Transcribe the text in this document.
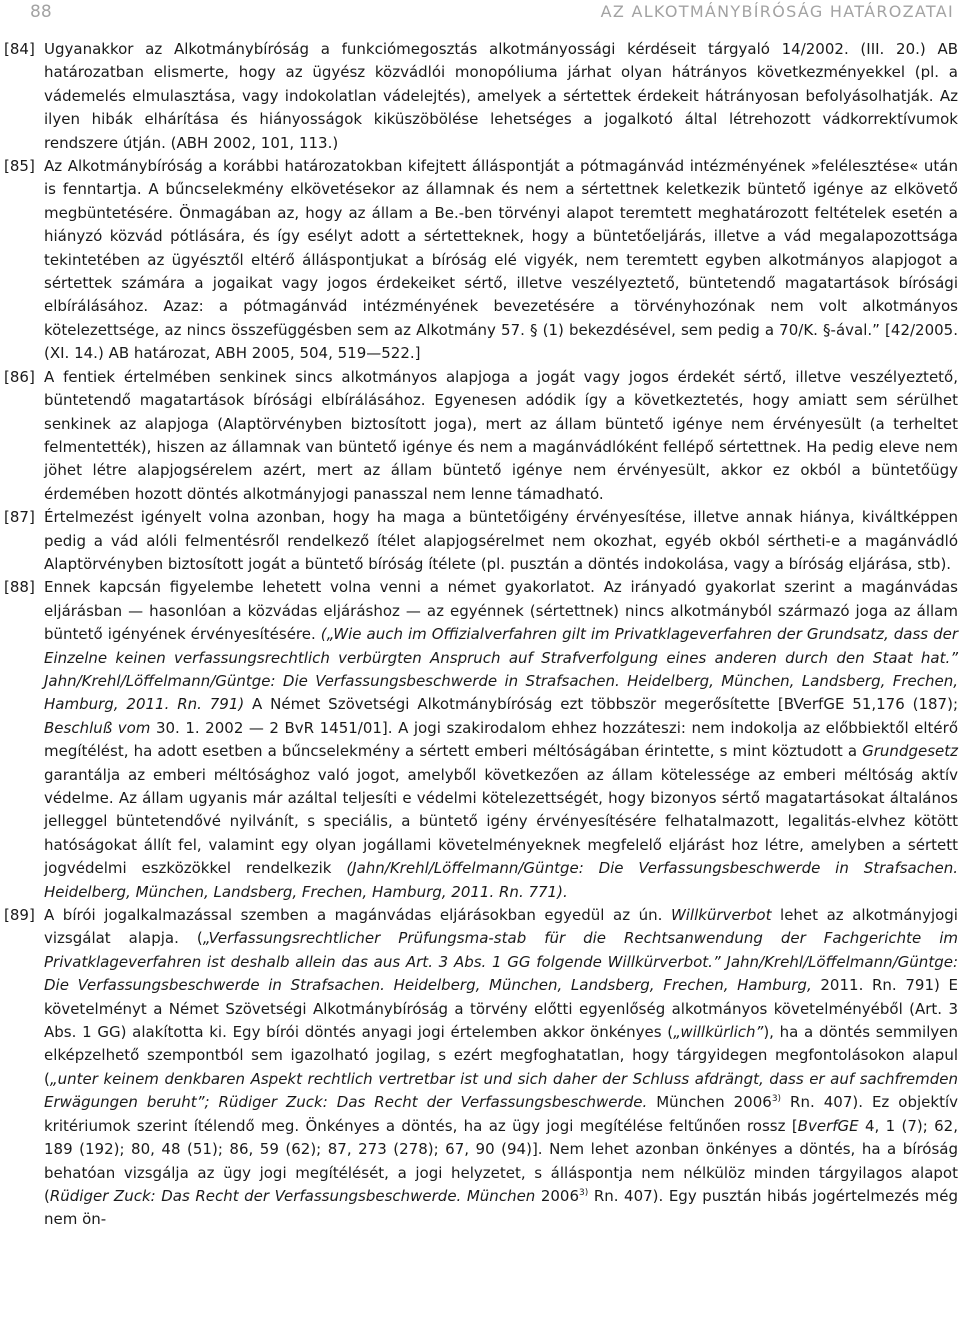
88	AZ ALKOTMÁNYBÍRÓSÁG HATÁROZATAI

[84] Ugyanakkor az Alkotmánybíróság a funkciómegosztás alkotmányossági kérdéseit tárgyaló 14/2002. (III. 20.) AB határozatban elismerte, hogy az ügyész közvádlói monopóliuma járhat olyan hátrányos következményekkel (pl. a vádemelés elmulasztása, vagy indokolatlan vádelejtés), amelyek a sértettek érdekeit hátrányosan befolyásolhatják. Az ilyen hibák elhárítása és hiányosságok kiküszöbölése lehetséges a jogalkotó által létrehozott vádkorrektívumok rendszere útján. (ABH 2002, 101, 113.)

[85] Az Alkotmánybíróság a korábbi határozatokban kifejtett álláspontját a pótmagánvád intézményének »felélesztése« után is fenntartja. A bűncselekmény elkövetésekor az államnak és nem a sértettnek keletkezik büntető igénye az elkövető megbüntetésére. Önmagában az, hogy az állam a Be.-ben törvényi alapot teremtett meghatározott feltételek esetén a hiányzó közvád pótlására, és így esélyt adott a sértetteknek, hogy a büntetőeljárás, illetve a vád megalapozottsága tekintetében az ügyésztől eltérő álláspontjukat a bíróság elé vigyék, nem teremtett egyben alkotmányos alapjogot a sértettek számára a jogaikat vagy jogos érdekeiket sértő, illetve veszélyeztető, büntetendő magatartások bírósági elbírálásához. Azaz: a pótmagánvád intézményének bevezetésére a törvényhozónak nem volt alkotmányos kötelezettsége, az nincs összefüggésben sem az Alkotmány 57. § (1) bekezdésével, sem pedig a 70/K. §-ával.” [42/2005. (XI. 14.) AB határozat, ABH 2005, 504, 519—522.]

[86] A fentiek értelmében senkinek sincs alkotmányos alapjoga a jogát vagy jogos érdekét sértő, illetve veszélyeztető, büntetendő magatartások bírósági elbírálásához. Egyenesen adódik így a következtetés, hogy amiatt sem sérülhet senkinek az alapjoga (Alaptörvényben biztosított joga), mert az állam büntető igénye nem érvényesült (a terheltet felmentették), hiszen az államnak van büntető igénye és nem a magánvádlóként fellépő sértettnek. Ha pedig eleve nem jöhet létre alapjogsérelem azért, mert az állam büntető igénye nem érvényesült, akkor ez okból a büntetőügy érdemében hozott döntés alkotmányjogi panasszal nem lenne támadható.

[87] Értelmezést igényelt volna azonban, hogy ha maga a büntetőigény érvényesítése, illetve annak hiánya, kiváltképpen pedig a vád alóli felmentésről rendelkező ítélet alapjogsérelmet nem okozhat, egyéb okból sértheti-e a magánvádló Alaptörvényben biztosított jogát a büntető bíróság ítélete (pl. pusztán a döntés indokolása, vagy a bíróság eljárása, stb).

[88] Ennek kapcsán figyelembe lehetett volna venni a német gyakorlatot. Az irányadó gyakorlat szerint a magánvádas eljárásban — hasonlóan a közvádas eljáráshoz — az egyénnek (sértettnek) nincs alkotmányból származó joga az állam büntető igényének érvényesítésére. („Wie auch im Offizialverfahren gilt im Privatklageverfahren der Grundsatz, dass der Einzelne keinen verfassungsrechtlich verbürgten Anspruch auf Strafverfolgung eines anderen durch den Staat hat.” Jahn/Krehl/Löffelmann/Güntge: Die Verfassungsbeschwerde in Strafsachen. Heidelberg, München, Landsberg, Frechen, Hamburg, 2011. Rn. 791) A Német Szövetségi Alkotmánybíróság ezt többször megerősítette [BVerfGE 51,176 (187); Beschluß vom 30. 1. 2002 — 2 BvR 1451/01]. A jogi szakirodalom ehhez hozzáteszi: nem indokolja az előbbiektől eltérő megítélést, ha adott esetben a bűncselekmény a sértett emberi méltóságában érintette, s mint köztudott a Grundgesetz garantálja az emberi méltósághoz való jogot, amelyből következően az állam kötelessége az emberi méltóság aktív védelme. Az állam ugyanis már azáltal teljesíti e védelmi kötelezettségét, hogy bizonyos sértő magatartásokat általános jelleggel büntetendővé nyilvánít, s speciális, a büntető igény érvényesítésére felhatalmazott, legalitás-elvhez kötött hatóságokat állít fel, valamint egy olyan jogállami követelményeknek megfelelő eljárást hoz létre, amelyben a sértett jogvédelmi eszközökkel rendelkezik (Jahn/Krehl/Löffelmann/Güntge: Die Verfassungsbeschwerde in Strafsachen. Heidelberg, München, Landsberg, Frechen, Hamburg, 2011. Rn. 771).

[89] A bírói jogalkalmazással szemben a magánvádas eljárásokban egyedül az ún. Willkürverbot lehet az alkotmányjogi vizsgálat alapja. („Verfassungsrechtlicher Prüfungsma-stab für die Rechtsanwendung der Fachgerichte im Privatklageverfahren ist deshalb allein das aus Art. 3 Abs. 1 GG folgende Willkürverbot.” Jahn/Krehl/Löffelmann/Güntge: Die Verfassungsbeschwerde in Strafsachen. Heidelberg, München, Landsberg, Frechen, Hamburg, 2011. Rn. 791) E követelményt a Német Szövetségi Alkotmánybíróság a törvény előtti egyenlőség alkotmányos követelményéből (Art. 3 Abs. 1 GG) alakította ki. Egy bírói döntés anyagi jogi értelemben akkor önkényes („willkürlich”), ha a döntés semmilyen elképzelhető szempontból sem igazolható jogilag, s ezért megfoghatatlan, hogy tárgyidegen megfontolásokon alapul („unter keinem denkbaren Aspekt rechtlich vertretbar ist und sich daher der Schluss afdrängt, dass er auf sachfremden Erwägungen beruht”; Rüdiger Zuck: Das Recht der Verfassungsbeschwerde. München 2006$^{3)}$ Rn. 407). Ez objektív kritériumok szerint ítélendő meg. Önkényes a döntés, ha az ügy jogi megítélése feltűnően rossz [BverfGE 4, 1 (7); 62, 189 (192); 80, 48 (51); 86, 59 (62); 87, 273 (278); 67, 90 (94)]. Nem lehet azonban önkényes a döntés, ha a bíróság behatóan vizsgálja az ügy jogi megítélését, a jogi helyzetet, s álláspontja nem nélkülöz minden tárgyilagos alapot (Rüdiger Zuck: Das Recht der Verfassungsbeschwerde. München 2006$^{3)}$ Rn. 407). Egy pusztán hibás jogértelmezés még nem ön-
